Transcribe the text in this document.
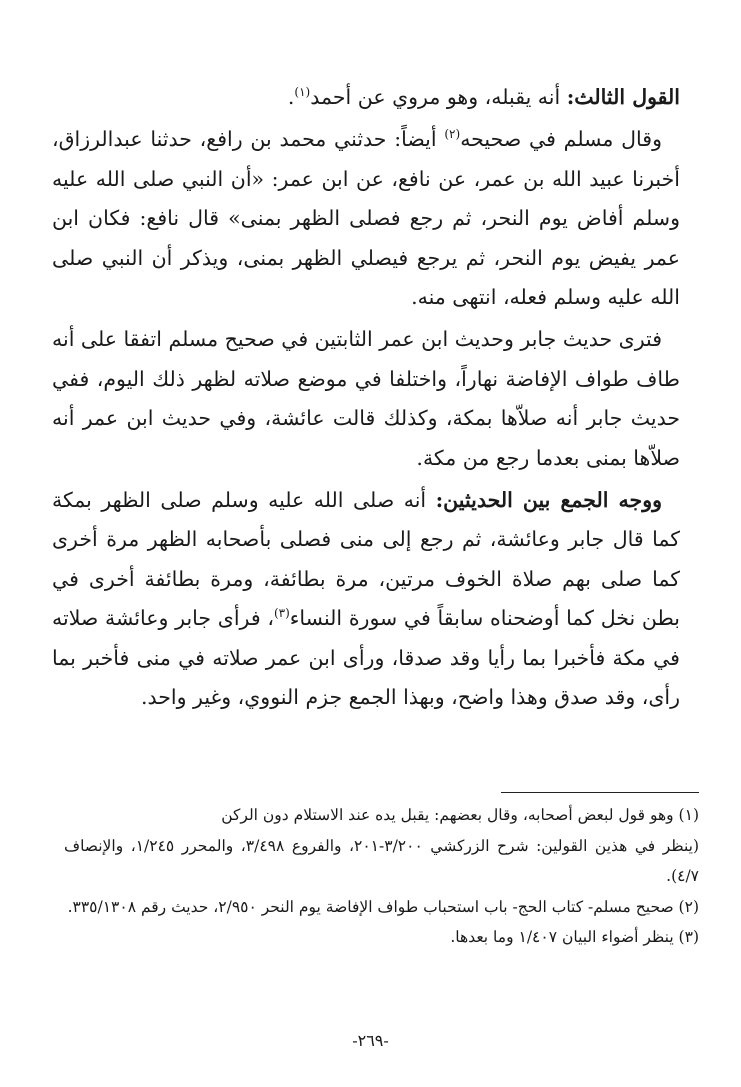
القول الثالث: أنه يقبله، وهو مروي عن أحمد$^{(١)}$.

وقال مسلم في صحيحه$^{(٢)}$ أيضاً: حدثني محمد بن رافع، حدثنا عبدالرزاق، أخبرنا عبيد الله بن عمر، عن نافع، عن ابن عمر: «أن النبي صلى الله عليه وسلم أفاض يوم النحر، ثم رجع فصلى الظهر بمنى» قال نافع: فكان ابن عمر يفيض يوم النحر، ثم يرجع فيصلي الظهر بمنى، ويذكر أن النبي صلى الله عليه وسلم فعله، انتهى منه.

فترى حديث جابر وحديث ابن عمر الثابتين في صحيح مسلم اتفقا على أنه طاف طواف الإفاضة نهاراً، واختلفا في موضع صلاته لظهر ذلك اليوم، ففي حديث جابر أنه صلاّها بمكة، وكذلك قالت عائشة، وفي حديث ابن عمر أنه صلاّها بمنى بعدما رجع من مكة.

ووجه الجمع بين الحديثين: أنه صلى الله عليه وسلم صلى الظهر بمكة كما قال جابر وعائشة، ثم رجع إلى منى فصلى بأصحابه الظهر مرة أخرى كما صلى بهم صلاة الخوف مرتين، مرة بطائفة، ومرة بطائفة أخرى في بطن نخل كما أوضحناه سابقاً في سورة النساء$^{(٣)}$، فرأى جابر وعائشة صلاته في مكة فأخبرا بما رأيا وقد صدقا، ورأى ابن عمر صلاته في منى فأخبر بما رأى، وقد صدق وهذا واضح، وبهذا الجمع جزم النووي، وغير واحد.

(١) وهو قول لبعض أصحابه، وقال بعضهم: يقبل يده عند الاستلام دون الركن

(ينظر في هذين القولين: شرح الزركشي ٣/٢٠٠-٢٠١، والفروع ٣/٤٩٨، والمحرر ١/٢٤٥، والإنصاف ٤/٧).

(٢) صحيح مسلم- كتاب الحج- باب استحباب طواف الإفاضة يوم النحر ٢/٩٥٠، حديث رقم ٣٣٥/١٣٠٨.

(٣) ينظر أضواء البيان ١/٤٠٧ وما بعدها.

-٢٦٩-
